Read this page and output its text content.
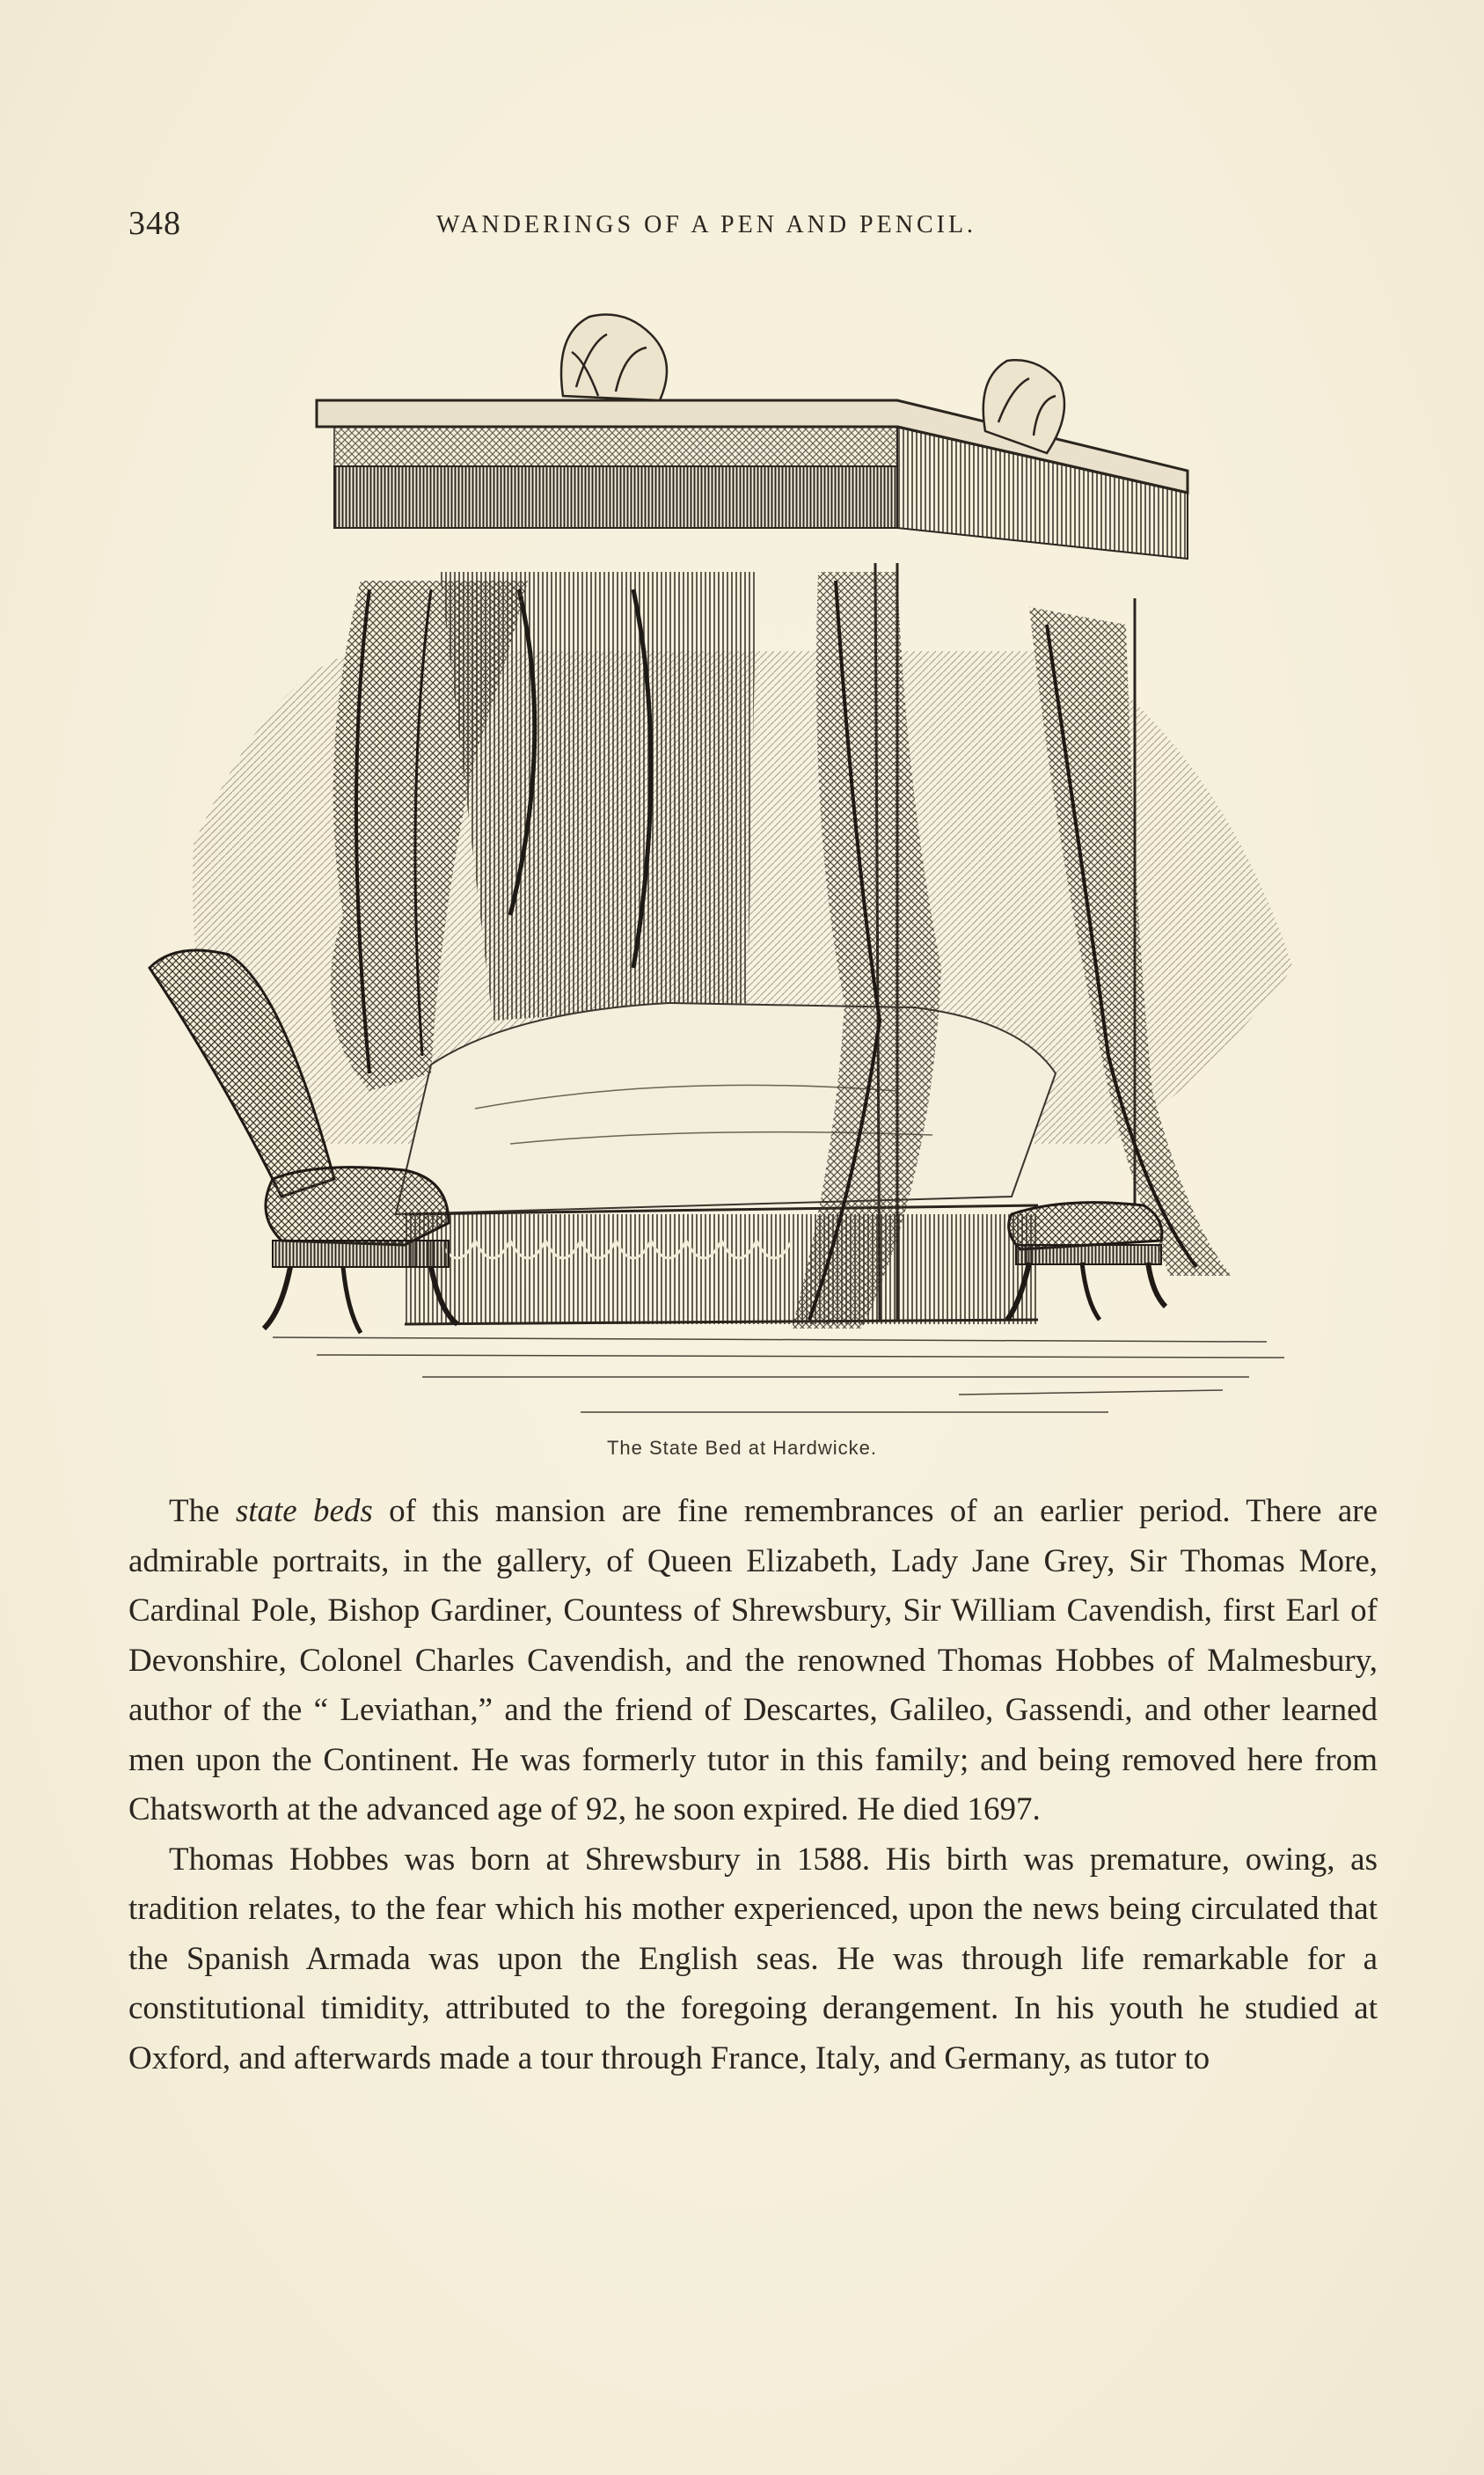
348	WANDERINGS OF A PEN AND PENCIL.
The State Bed at Hardwicke.

The state beds of this mansion are fine remembrances of an earlier period. There are admirable portraits, in the gallery, of Queen Elizabeth, Lady Jane Grey, Sir Thomas More, Cardinal Pole, Bishop Gardiner, Countess of Shrewsbury, Sir William Cavendish, first Earl of Devonshire, Colonel Charles Cavendish, and the renowned Thomas Hobbes of Malmesbury, author of the “ Leviathan,” and the friend of Descartes, Galileo, Gassendi, and other learned men upon the Continent. He was formerly tutor in this family; and being removed here from Chatsworth at the advanced age of 92, he soon expired. He died 1697.

Thomas Hobbes was born at Shrewsbury in 1588. His birth was premature, owing, as tradition relates, to the fear which his mother experienced, upon the news being circulated that the Spanish Armada was upon the English seas. He was through life remarkable for a constitutional timidity, attributed to the foregoing derangement. In his youth he studied at Oxford, and afterwards made a tour through France, Italy, and Germany, as tutor to
